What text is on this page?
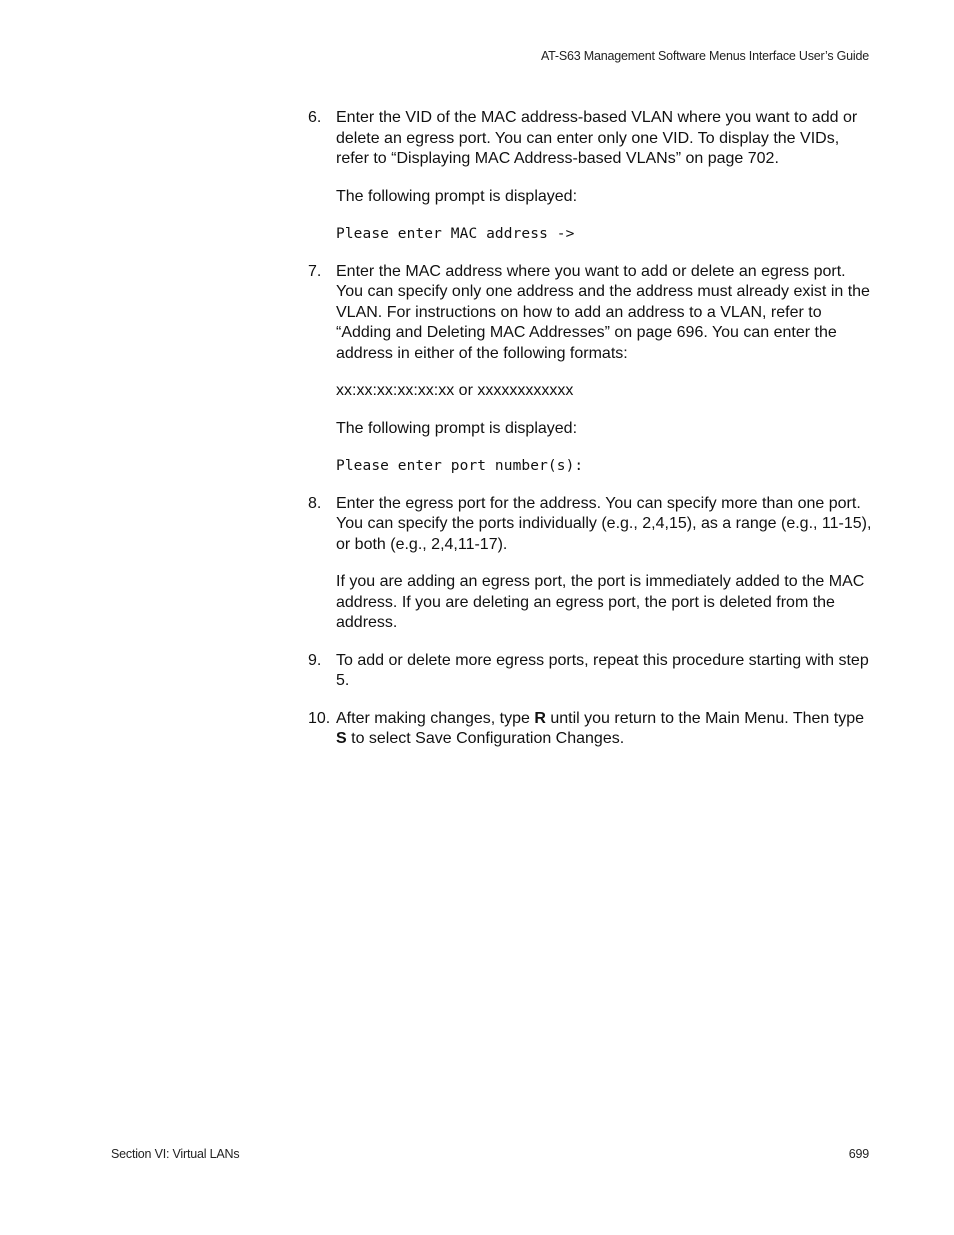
AT-S63 Management Software Menus Interface User’s Guide
6. Enter the VID of the MAC address-based VLAN where you want to add or delete an egress port. You can enter only one VID. To display the VIDs, refer to “Displaying MAC Address-based VLANs” on page 702.
The following prompt is displayed:
Please enter MAC address ->
7. Enter the MAC address where you want to add or delete an egress port. You can specify only one address and the address must already exist in the VLAN. For instructions on how to add an address to a VLAN, refer to “Adding and Deleting MAC Addresses” on page 696. You can enter the address in either of the following formats:
xx:xx:xx:xx:xx:xx or xxxxxxxxxxxx
The following prompt is displayed:
Please enter port number(s):
8. Enter the egress port for the address. You can specify more than one port. You can specify the ports individually (e.g., 2,4,15), as a range (e.g., 11-15), or both (e.g., 2,4,11-17).
If you are adding an egress port, the port is immediately added to the MAC address. If you are deleting an egress port, the port is deleted from the address.
9. To add or delete more egress ports, repeat this procedure starting with step 5.
10. After making changes, type R until you return to the Main Menu. Then type S to select Save Configuration Changes.
Section VI: Virtual LANs	699
